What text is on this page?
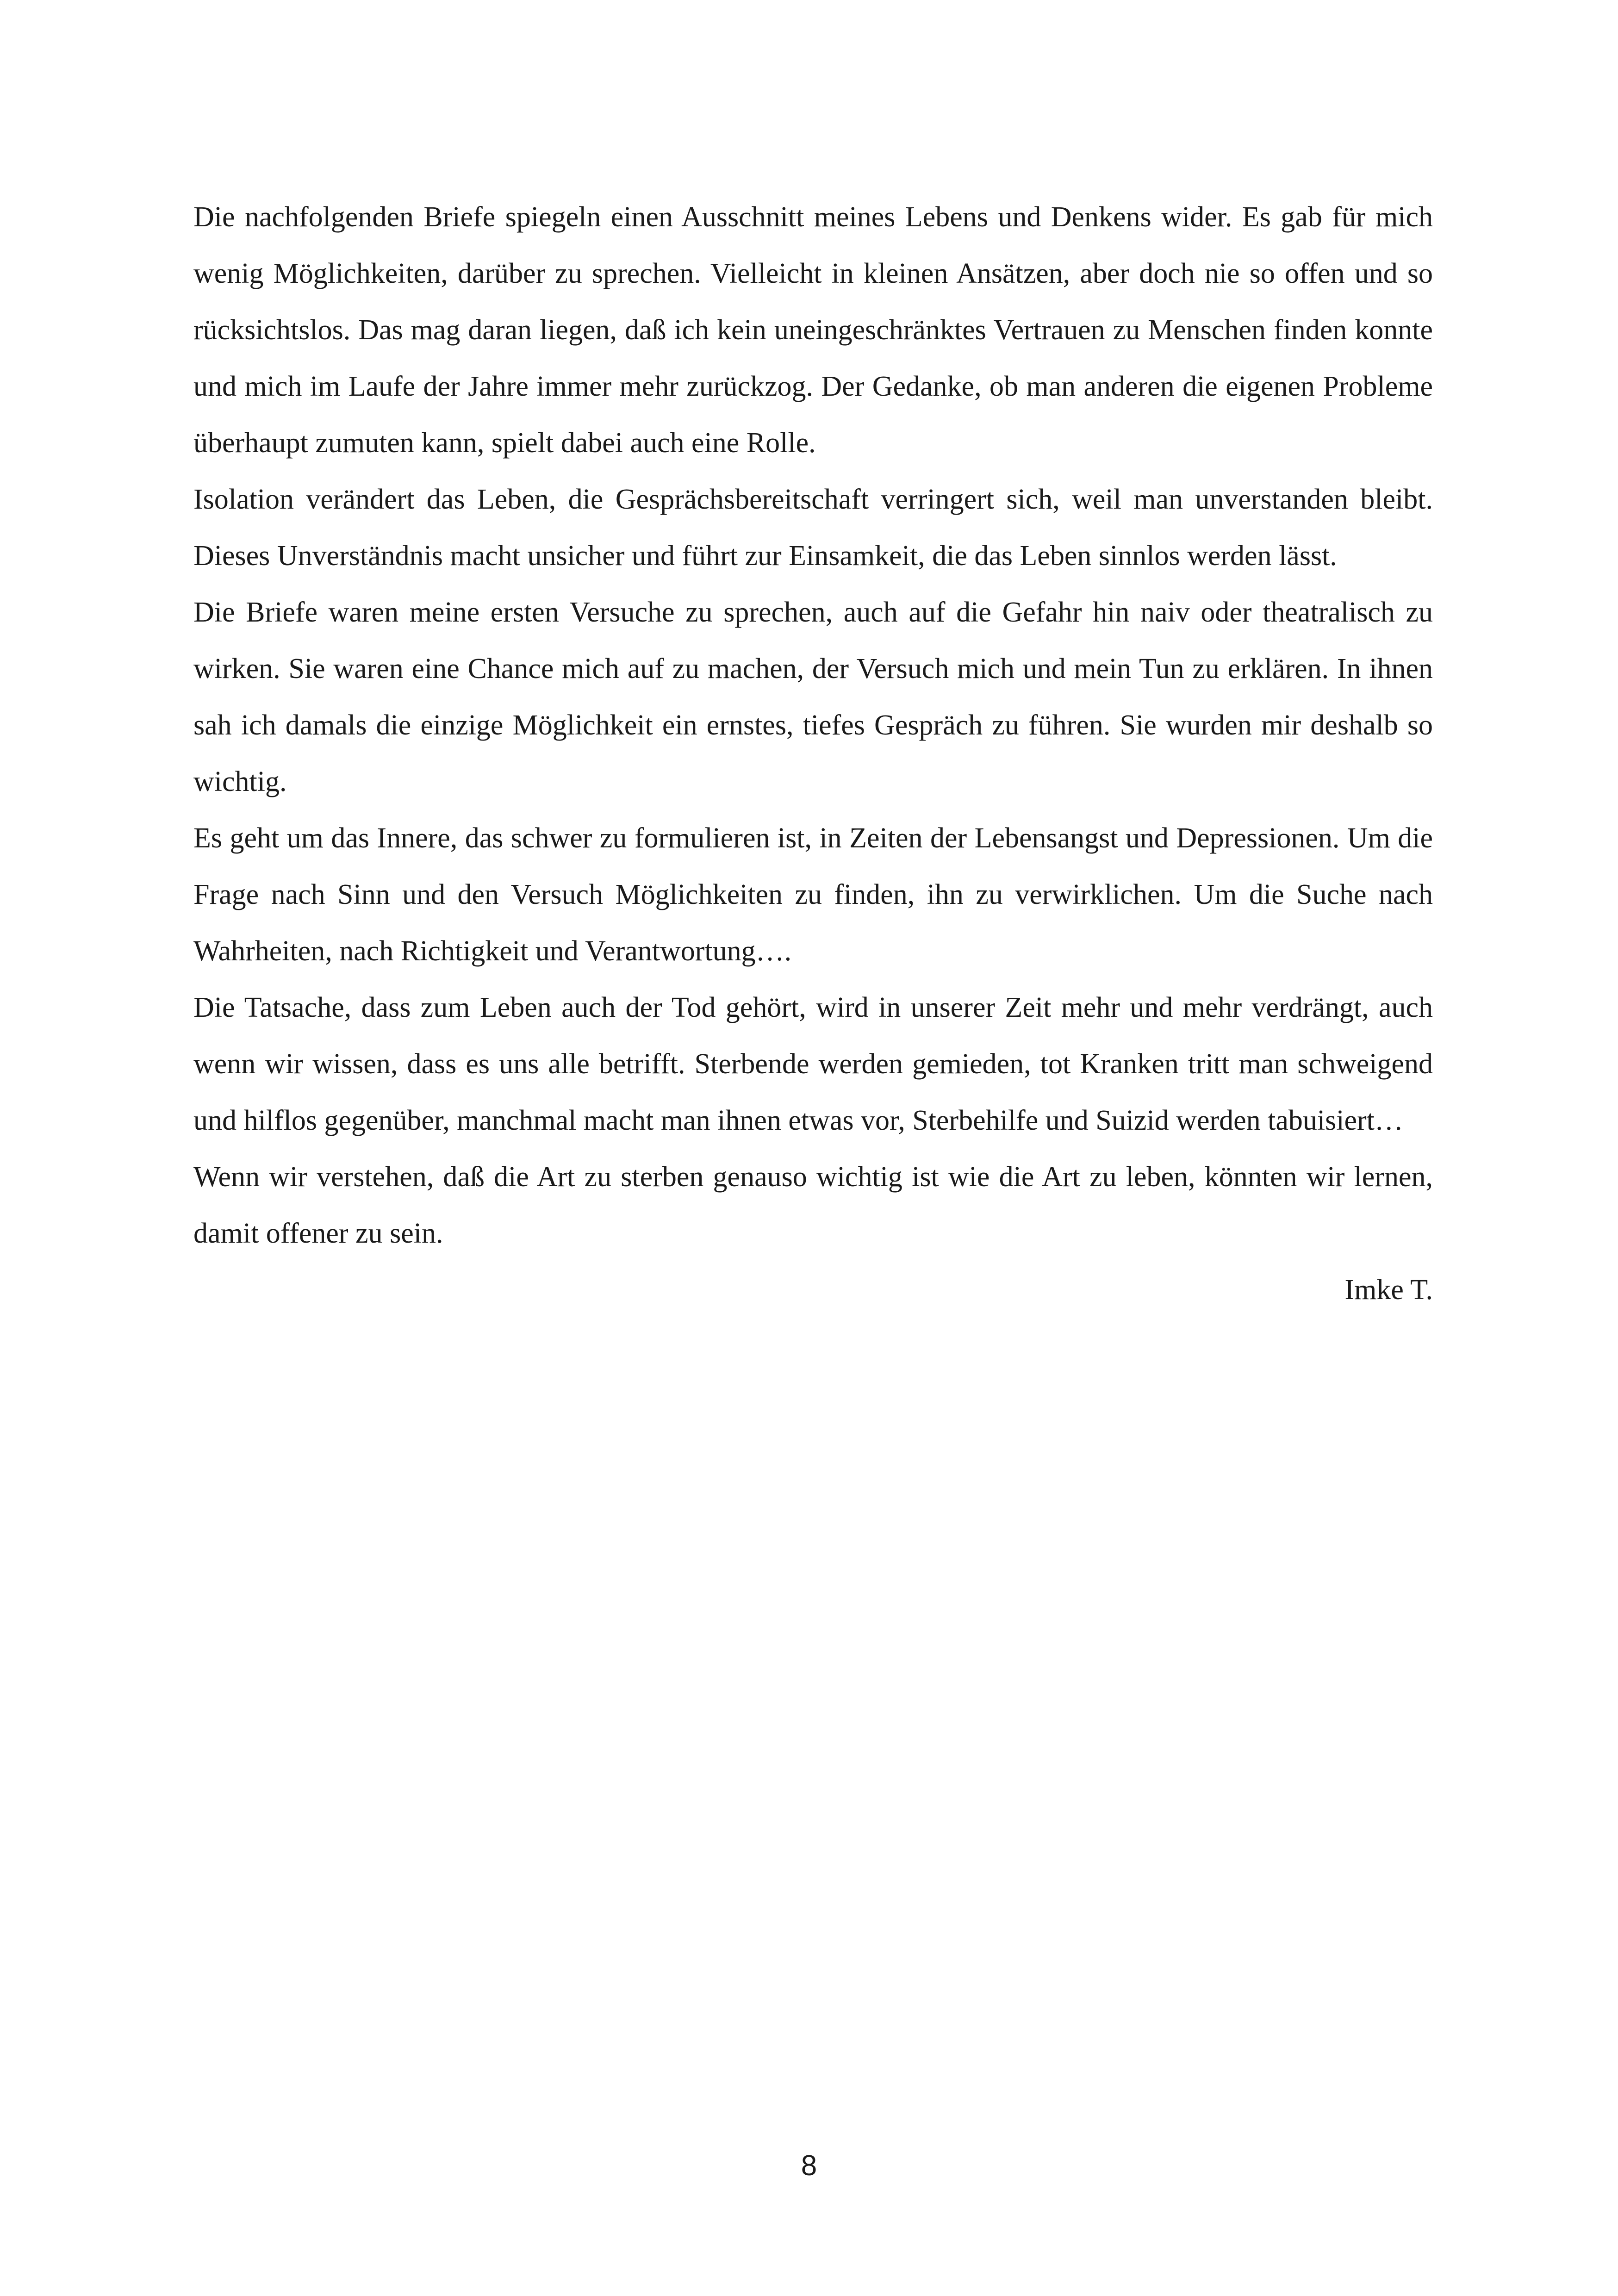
Die nachfolgenden Briefe spiegeln einen Ausschnitt meines Lebens und Denkens wider. Es gab für mich wenig Möglichkeiten, darüber zu sprechen. Vielleicht in kleinen Ansätzen, aber doch nie so offen und so rücksichtslos. Das mag daran liegen, daß ich kein uneingeschränktes Vertrauen zu Menschen finden konnte und mich im Laufe der Jahre immer mehr zurückzog. Der Gedanke, ob man anderen die eigenen Probleme überhaupt zumuten kann, spielt dabei auch eine Rolle.

Isolation verändert das Leben, die Gesprächsbereitschaft verringert sich, weil man unverstanden bleibt. Dieses Unverständnis macht unsicher und führt zur Einsamkeit, die das Leben sinnlos werden lässt.

Die Briefe waren meine ersten Versuche zu sprechen, auch auf die Gefahr hin naiv oder theatralisch zu wirken. Sie waren eine Chance mich auf zu machen, der Versuch mich und mein Tun zu erklären. In ihnen sah ich damals die einzige Möglichkeit ein ernstes, tiefes Gespräch zu führen. Sie wurden mir deshalb so wichtig.

Es geht um das Innere, das schwer zu formulieren ist, in Zeiten der Lebensangst und Depressionen. Um die Frage nach Sinn und den Versuch Möglichkeiten zu finden, ihn zu verwirklichen. Um die Suche nach Wahrheiten, nach Richtigkeit und Verantwortung….

Die Tatsache, dass zum Leben auch der Tod gehört, wird in unserer Zeit mehr und mehr verdrängt, auch wenn wir wissen, dass es uns alle betrifft. Sterbende werden gemieden, tot Kranken tritt man schweigend und hilflos gegenüber, manchmal macht man ihnen etwas vor, Sterbehilfe und Suizid werden tabuisiert…

Wenn wir verstehen, daß die Art zu sterben genauso wichtig ist wie die Art zu leben, könnten wir lernen, damit offener zu sein.

Imke T.

8
